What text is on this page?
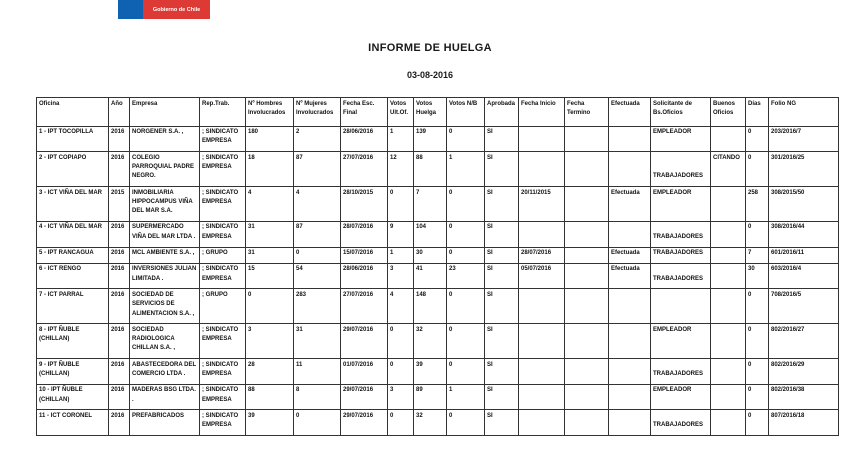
Gobierno de Chile
INFORME DE HUELGA
03-08-2016
Oficina	Año	Empresa	Rep.Trab.	Nº Hombres Involucrados	Nº Mujeres Involucrados	Fecha Esc. Final	Votos Ult.Of.	Votos Huelga	Votos N/B	Aprobada	Fecha Inicio	Fecha Termino	Efectuada	Solicitante de Bs.Oficios	Buenos Oficios	Días	Folio NG
1 - IPT TOCOPILLA	2016	NORGENER S.A. ,	; SINDICATO EMPRESA	180	2	28/06/2016	1	139	0	SI				EMPLEADOR		0	203/2016/7
2 - IPT COPIAPO	2016	COLEGIO PARROQUIAL PADRE NEGRO.	; SINDICATO EMPRESA	18	87	27/07/2016	12	88	1	SI				TRABAJADORES	CITANDO	0	301/2016/25
3 - ICT VIÑA DEL MAR	2015	INMOBILIARIA HIPPOCAMPUS VIÑA DEL MAR S.A.	; SINDICATO EMPRESA	4	4	28/10/2015	0	7	0	SI	20/11/2015		Efectuada	EMPLEADOR		258	308/2015/50
4 - ICT VIÑA DEL MAR	2016	SUPERMERCADO VIÑA DEL MAR LTDA .	; SINDICATO EMPRESA	31	87	28/07/2016	9	104	0	SI				TRABAJADORES		0	308/2016/44
5 - IPT RANCAGUA	2016	MCL AMBIENTE S.A. ,	; GRUPO	31	0	15/07/2016	1	30	0	SI	28/07/2016		Efectuada	TRABAJADORES		7	601/2016/11
6 - ICT RENGO	2016	INVERSIONES JULIAN LIMITADA .	; SINDICATO EMPRESA	15	54	28/06/2016	3	41	23	SI	05/07/2016		Efectuada	TRABAJADORES		30	603/2016/4
7 - ICT PARRAL	2016	SOCIEDAD DE SERVICIOS DE ALIMENTACION S.A. ,	; GRUPO	0	283	27/07/2016	4	148	0	SI						0	708/2016/5
8 - IPT ÑUBLE (CHILLAN)	2016	SOCIEDAD RADIOLOGICA CHILLAN S.A. ,	; SINDICATO EMPRESA	3	31	29/07/2016	0	32	0	SI				EMPLEADOR		0	802/2016/27
9 - IPT ÑUBLE (CHILLAN)	2016	ABASTECEDORA DEL COMERCIO LTDA .	; SINDICATO EMPRESA	28	11	01/07/2016	0	39	0	SI				TRABAJADORES		0	802/2016/29
10 - IPT ÑUBLE (CHILLAN)	2016	MADERAS BSG LTDA. .	; SINDICATO EMPRESA	88	8	29/07/2016	3	89	1	SI				EMPLEADOR		0	802/2016/38
11 - ICT CORONEL	2016	PREFABRICADOS	; SINDICATO EMPRESA	39	0	29/07/2016	0	32	0	SI				TRABAJADORES		0	807/2016/18
